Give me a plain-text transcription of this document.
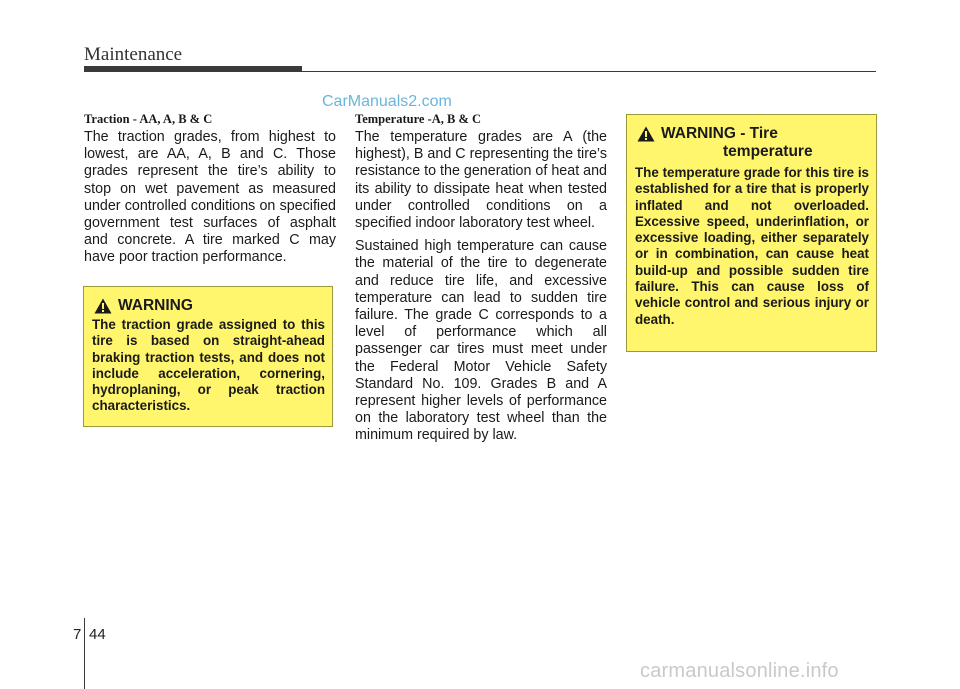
Maintenance
CarManuals2.com

Traction - AA, A, B & C

The traction grades, from highest to lowest, are AA, A, B and C. Those grades represent the tire’s ability to stop on wet pavement as measured under controlled conditions on specified government test surfaces of asphalt and concrete. A tire marked C may have poor traction performance.

WARNING
The traction grade assigned to this tire is based on straight-ahead braking traction tests, and does not include acceleration, cornering, hydroplaning, or peak traction characteristics.

Temperature -A, B & C

The temperature grades are A (the highest), B and C representing the tire’s resistance to the generation of heat and its ability to dissipate heat when tested under controlled conditions on a specified indoor laboratory test wheel.

Sustained high temperature can cause the material of the tire to degenerate and reduce tire life, and excessive temperature can lead to sudden tire failure. The grade C corresponds to a level of performance which all passenger car tires must meet under the Federal Motor Vehicle Safety Standard No. 109. Grades B and A represent higher levels of performance on the laboratory test wheel than the minimum required by law.

WARNING - Tire
temperature
The temperature grade for this tire is established for a tire that is properly inflated and not overloaded. Excessive speed, underinflation, or excessive loading, either separately or in combination, can cause heat build-up and possible sudden tire failure. This can cause loss of vehicle control and serious injury or death.
7 44
carmanualsonline.info
